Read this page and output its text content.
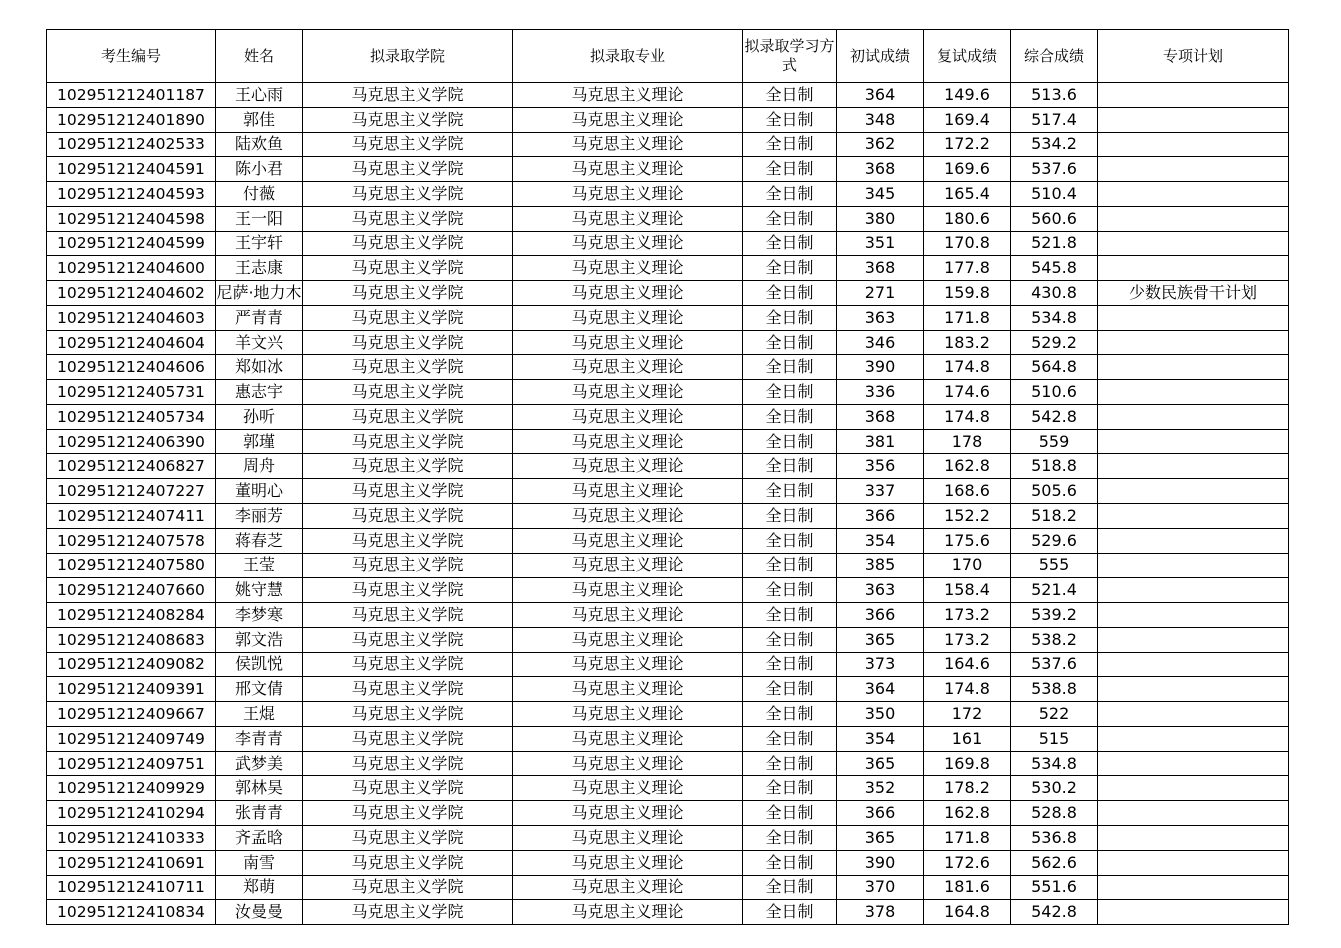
考生编号	姓名	拟录取学院	拟录取专业	拟录取学习方式	初试成绩	复试成绩	综合成绩	专项计划
102951212401187	王心雨	马克思主义学院	马克思主义理论	全日制	364	149.6	513.6	
102951212401890	郭佳	马克思主义学院	马克思主义理论	全日制	348	169.4	517.4	
102951212402533	陆欢鱼	马克思主义学院	马克思主义理论	全日制	362	172.2	534.2	
102951212404591	陈小君	马克思主义学院	马克思主义理论	全日制	368	169.6	537.6	
102951212404593	付薇	马克思主义学院	马克思主义理论	全日制	345	165.4	510.4	
102951212404598	王一阳	马克思主义学院	马克思主义理论	全日制	380	180.6	560.6	
102951212404599	王宇轩	马克思主义学院	马克思主义理论	全日制	351	170.8	521.8	
102951212404600	王志康	马克思主义学院	马克思主义理论	全日制	368	177.8	545.8	
102951212404602	尼萨·地力木	马克思主义学院	马克思主义理论	全日制	271	159.8	430.8	少数民族骨干计划
102951212404603	严青青	马克思主义学院	马克思主义理论	全日制	363	171.8	534.8	
102951212404604	羊文兴	马克思主义学院	马克思主义理论	全日制	346	183.2	529.2	
102951212404606	郑如冰	马克思主义学院	马克思主义理论	全日制	390	174.8	564.8	
102951212405731	惠志宇	马克思主义学院	马克思主义理论	全日制	336	174.6	510.6	
102951212405734	孙听	马克思主义学院	马克思主义理论	全日制	368	174.8	542.8	
102951212406390	郭瑾	马克思主义学院	马克思主义理论	全日制	381	178	559	
102951212406827	周舟	马克思主义学院	马克思主义理论	全日制	356	162.8	518.8	
102951212407227	董明心	马克思主义学院	马克思主义理论	全日制	337	168.6	505.6	
102951212407411	李丽芳	马克思主义学院	马克思主义理论	全日制	366	152.2	518.2	
102951212407578	蒋春芝	马克思主义学院	马克思主义理论	全日制	354	175.6	529.6	
102951212407580	王莹	马克思主义学院	马克思主义理论	全日制	385	170	555	
102951212407660	姚守慧	马克思主义学院	马克思主义理论	全日制	363	158.4	521.4	
102951212408284	李梦寒	马克思主义学院	马克思主义理论	全日制	366	173.2	539.2	
102951212408683	郭文浩	马克思主义学院	马克思主义理论	全日制	365	173.2	538.2	
102951212409082	侯凯悦	马克思主义学院	马克思主义理论	全日制	373	164.6	537.6	
102951212409391	邢文倩	马克思主义学院	马克思主义理论	全日制	364	174.8	538.8	
102951212409667	王焜	马克思主义学院	马克思主义理论	全日制	350	172	522	
102951212409749	李青青	马克思主义学院	马克思主义理论	全日制	354	161	515	
102951212409751	武梦美	马克思主义学院	马克思主义理论	全日制	365	169.8	534.8	
102951212409929	郭林昊	马克思主义学院	马克思主义理论	全日制	352	178.2	530.2	
102951212410294	张青青	马克思主义学院	马克思主义理论	全日制	366	162.8	528.8	
102951212410333	齐孟晗	马克思主义学院	马克思主义理论	全日制	365	171.8	536.8	
102951212410691	南雪	马克思主义学院	马克思主义理论	全日制	390	172.6	562.6	
102951212410711	郑萌	马克思主义学院	马克思主义理论	全日制	370	181.6	551.6	
102951212410834	汝曼曼	马克思主义学院	马克思主义理论	全日制	378	164.8	542.8	
